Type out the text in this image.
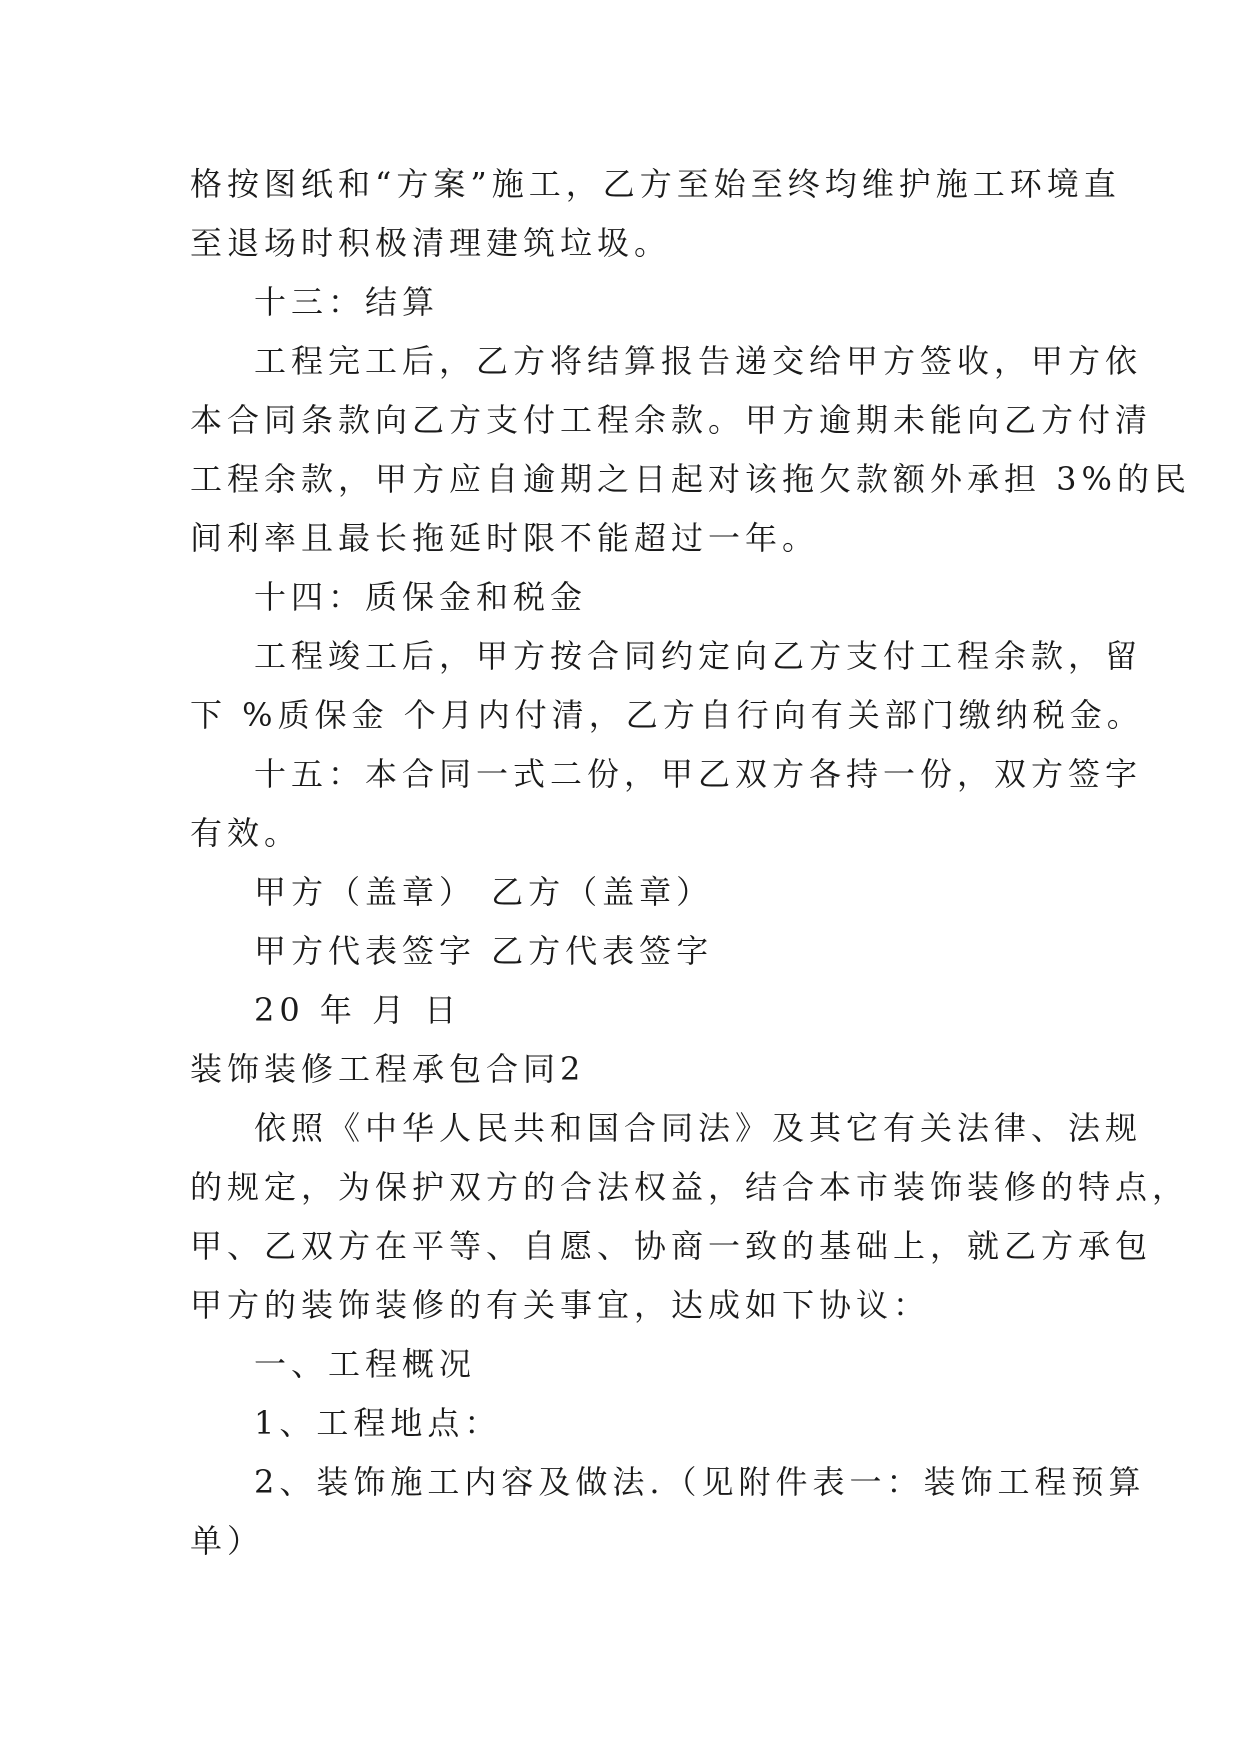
格按图纸和“方案”施工，乙方至始至终均维护施工环境直
至退场时积极清理建筑垃圾。
十三：结算
工程完工后，乙方将结算报告递交给甲方签收，甲方依
本合同条款向乙方支付工程余款。甲方逾期未能向乙方付清
工程余款，甲方应自逾期之日起对该拖欠款额外承担 3%的民
间利率且最长拖延时限不能超过一年。
十四：质保金和税金
工程竣工后，甲方按合同约定向乙方支付工程余款，留
下 %质保金 个月内付清，乙方自行向有关部门缴纳税金。
十五：本合同一式二份，甲乙双方各持一份，双方签字
有效。
甲方（盖章） 乙方（盖章）
甲方代表签字 乙方代表签字
20 年 月 日
装饰装修工程承包合同2
依照《中华人民共和国合同法》及其它有关法律、法规
的规定，为保护双方的合法权益，结合本市装饰装修的特点，
甲、乙双方在平等、自愿、协商一致的基础上，就乙方承包
甲方的装饰装修的有关事宜，达成如下协议：
一、工程概况
1、工程地点：
2、装饰施工内容及做法.（见附件表一：装饰工程预算
单）
